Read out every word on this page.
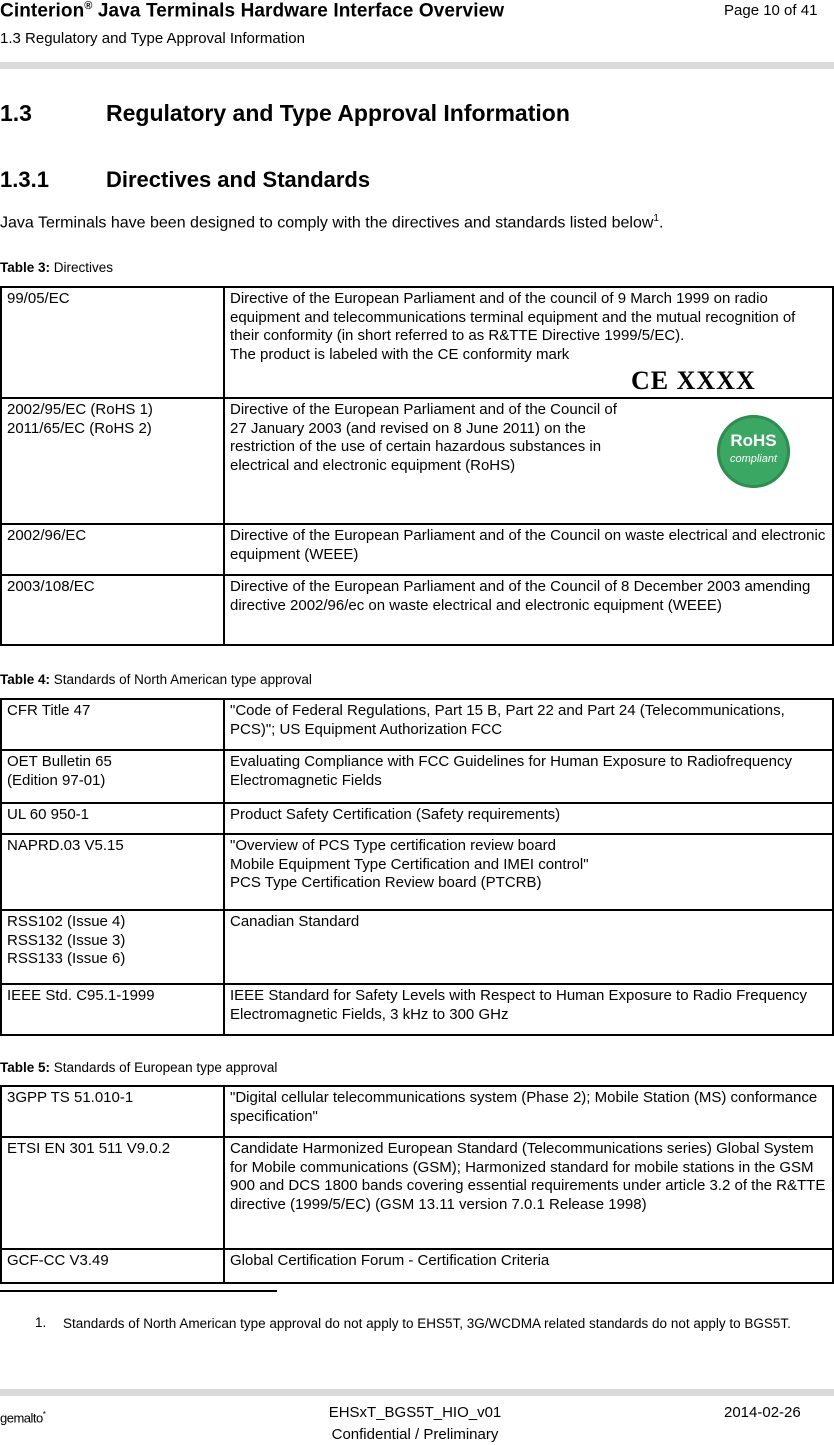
Cinterion® Java Terminals Hardware Interface Overview
1.3 Regulatory and Type Approval Information
Page 10 of 41
1.3	Regulatory and Type Approval Information
1.3.1	Directives and Standards
Java Terminals have been designed to comply with the directives and standards listed below$^1$.
Table 3: Directives
99/05/EC	Directive of the European Parliament and of the council of 9 March 1999 on radio equipment and telecommunications terminal equipment and the mutual recognition of their conformity (in short referred to as R&TTE Directive 1999/5/EC).
The product is labeled with the CE conformity mark
2002/95/EC (RoHS 1)
2011/65/EC (RoHS 2)	Directive of the European Parliament and of the Council of
27 January 2003 (and revised on 8 June 2011) on the
restriction of the use of certain hazardous substances in
electrical and electronic equipment (RoHS)
2002/96/EC	Directive of the European Parliament and of the Council on waste electrical and electronic equipment (WEEE)
2003/108/EC	Directive of the European Parliament and of the Council of 8 December 2003 amending directive 2002/96/ec on waste electrical and electronic equipment (WEEE)
CE XXXX
RoHS
compliant
Table 4: Standards of North American type approval
CFR Title 47	"Code of Federal Regulations, Part 15 B, Part 22 and Part 24 (Telecommunications, PCS)"; US Equipment Authorization FCC
OET Bulletin 65
(Edition 97-01)	Evaluating Compliance with FCC Guidelines for Human Exposure to Radiofrequency Electromagnetic Fields
UL 60 950-1	Product Safety Certification (Safety requirements)
NAPRD.03 V5.15	"Overview of PCS Type certification review board
Mobile Equipment Type Certification and IMEI control"
PCS Type Certification Review board (PTCRB)
RSS102 (Issue 4)
RSS132 (Issue 3)
RSS133 (Issue 6)	Canadian Standard
IEEE Std. C95.1-1999	IEEE Standard for Safety Levels with Respect to Human Exposure to Radio Frequency Electromagnetic Fields, 3 kHz to 300 GHz
Table 5: Standards of European type approval
3GPP TS 51.010-1	"Digital cellular telecommunications system (Phase 2); Mobile Station (MS) conformance specification"
ETSI EN 301 511 V9.0.2	Candidate Harmonized European Standard (Telecommunications series) Global System for Mobile communications (GSM); Harmonized standard for mobile stations in the GSM 900 and DCS 1800 bands covering essential requirements under article 3.2 of the R&TTE directive (1999/5/EC) (GSM 13.11 version 7.0.1 Release 1998)
GCF-CC V3.49	Global Certification Forum - Certification Criteria
1. Standards of North American type approval do not apply to EHS5T, 3G/WCDMA related standards do not apply to BGS5T.
gemalto*	EHSxT_BGS5T_HIO_v01
Confidential / Preliminary
2014-02-26
